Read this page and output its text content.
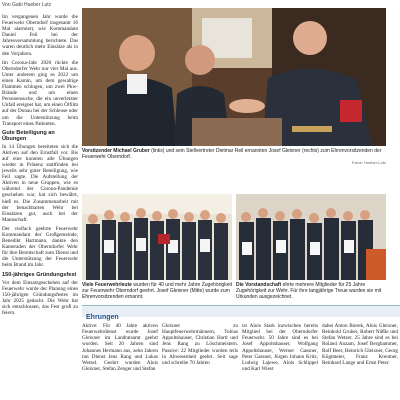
Von Gabi Hueber Lutz

Im vergangenen Jahr wurde die Feuerwehr Oberndorf insgesamt 16 Mal alarmiert, wie Kommandant Daniel Feil bei der Jahresversammlung berichtete. Das waren deutlich mehr Einsätze als in den Vorjahren.

Im Corona-Jahr 2020 rückte die Oberndorfer Wehr nur vier Mal aus. Unter anderem ging es 2022 um einen Kamin, um dem gewaltige Flammen schlugen, um zwei Pkw-Brände und um einen Personensuche, die ein unverletzter Unfall ereignet hat, um einen Ölfilm auf der Donau bei der Schleuse oder um die Unterstützung beim Transport eines Patienten.

Gute Beteiligung an Übungen

In 14 Übungen bereiteten sich die Aktiven auf den Ernstfall vor. Bis auf eine konnten alle Übungen wieder in Präsenz stattfinden bei jeweils sehr guter Beteiligung, wie Feil sagte. Die Aufstellung der Aktiven in neue Gruppen, wie es während der Corona-Pandemie geschehen war, hat sich bewährt, hieß es. Die Zusammenarbeit mit der benachbarten Wehr bei Einsätzen gut, auch bei der Mannschaft.

Der vielfach geehrte Feuerwehr Kommandant der Großgemeinde, Benedikt Hartmann, dankte den Kameraden der Oberndorfer Wehr für ihre Bereitschaft zum Dienst und die Unterstützung der Feuerwehr beim Brand im Jahr.

150-jähriges Gründungsfest

Vor dem Einsatzgeschehen auf der Feuerwehr wurde der Planung eines 150-jährigen Gründungsfestes im Jahr 2025 gedacht. Die Wehr hat sich entschlossen, das Fest groß zu feiern.

Vorsitzender Michael Gruber (links) und sein Stellvertreter Dietmar Reil ernannten Josef Gleixner (rechts) zum Ehrenvorsitzenden der Feuerwehr Oberndorf.
Fotos: Hueber-Lutz
Viele Feuerwehrleute wurden für 40 und mehr Jahre Zugehörigkeit zur Feuerwehr Oberndorf geehrt. Josef Gleixner (Mitte) wurde zum Ehrenvorsitzenden ernannt.
Die Vorstandschaft ehrte mehrere Mitglieder für 25 Jahre Zugehörigkeit zur Wehr. Für ihre langjährige Treue wurden sie mit Urkunden ausgezeichnet.
Ehrungen

Aktive: Für 40 Jahre aktiven Feuerwehrdienst wurde Josef Gleixner im Landratsamt geehrt worden. Seit 20 Jahren sind Johannes Hermann aus, zehn Jahren tun Dienst Jens Rang und Lukas Wetzel. Geehrt wurden Alois Gleixner, Stefan Zenger und Stefan

Gleixner zu Hauptfeuerwehrmännern, Tobias Appoltshauser, Christian Hartl und Jens Rang zu Löschmeistern. Passive: 22 Mitglieder wurden teils in Abwesenheit geehrt. Seit sage und schreibe 70 Jahren

ist Alois Stark inzwischen bereits Mitglied bei der Oberndorfer Feuerwehr. 50 Jahre sind es bei Josef Appoltshauser, Wolfgang Appoltshauser, Werner Gassner, Peter Gassner, Jürgen Johann Kritz, Ludwig Lajewe, Alois Schlippel und Karl Wiest

dabei Anton Bierek, Alois Gleixner, Reinhold Gruber, Robert Nüßle und Stefan Wetzer. 25 Jahre sind es bei Roland Anzam, Josef Bergbammer, Rolf Beer, Heinrich Gleixner, Georg Kögtmeier, Franz Kreutner, Reinhard Lange und Ernst Peter.
